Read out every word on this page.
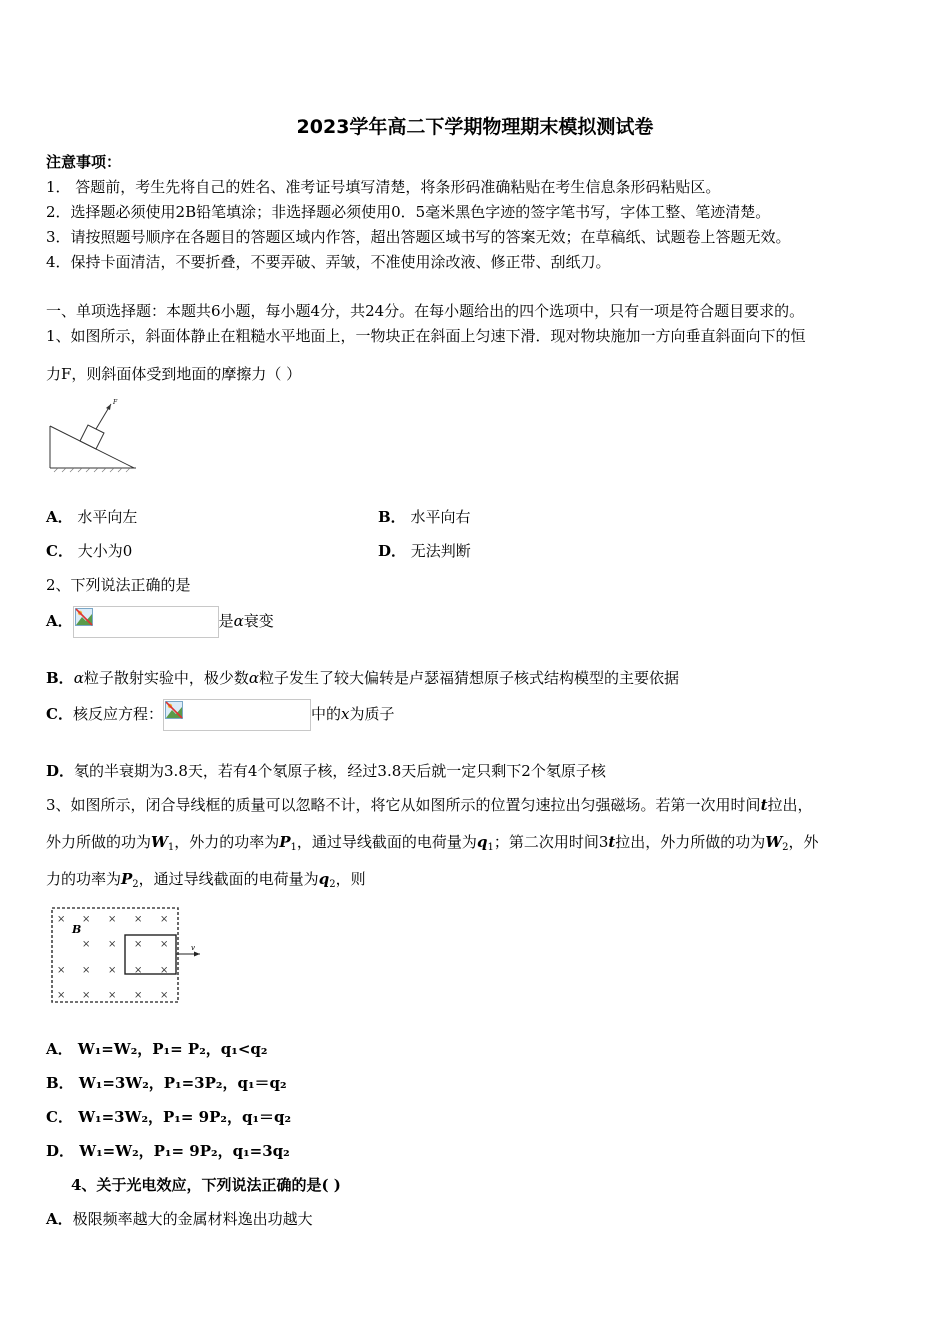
2023学年高二下学期物理期末模拟测试卷
注意事项：
1． 答题前，考生先将自己的姓名、准考证号填写清楚，将条形码准确粘贴在考生信息条形码粘贴区。
2．选择题必须使用2B铅笔填涂；非选择题必须使用0．5毫米黑色字迹的签字笔书写，字体工整、笔迹清楚。
3．请按照题号顺序在各题目的答题区域内作答，超出答题区域书写的答案无效；在草稿纸、试题卷上答题无效。
4．保持卡面清洁，不要折叠，不要弄破、弄皱，不准使用涂改液、修正带、刮纸刀。
一、单项选择题：本题共6小题，每小题4分，共24分。在每小题给出的四个选项中，只有一项是符合题目要求的。
1、如图所示，斜面体静止在粗糙水平地面上，一物块正在斜面上匀速下滑．现对物块施加一方向垂直斜面向下的恒
力F，则斜面体受到地面的摩擦力（ ）
F
A． 水平向左	B． 水平向右
C． 大小为0	D． 无法判断
2、下列说法正确的是
A．	是α衰变
B．α粒子散射实验中，极少数α粒子发生了较大偏转是卢瑟福猜想原子核式结构模型的主要依据
C．核反应方程：	中的x为质子
D．氡的半衰期为3.8天，若有4个氡原子核，经过3.8天后就一定只剩下2个氡原子核
3、如图所示，闭合导线框的质量可以忽略不计，将它从如图所示的位置匀速拉出匀强磁场。若第一次用时间t拉出，
外力所做的功为$W_1$，外力的功率为$P_1$，通过导线截面的电荷量为$q_1$；第二次用时间3t拉出，外力所做的功为$W_2$，外
力的功率为$P_2$，通过导线截面的电荷量为$q_2$，则
× × × × ×
× × × ×
× × × × ×
× × × × ×
B
v
A． W₁=W₂，P₁= P₂，q₁<q₂
B． W₁=3W₂，P₁=3P₂，q₁＝q₂
C． W₁=3W₂，P₁= 9P₂，q₁＝q₂
D． W₁=W₂，P₁= 9P₂，q₁=3q₂
4、关于光电效应，下列说法正确的是( )
A．极限频率越大的金属材料逸出功越大
